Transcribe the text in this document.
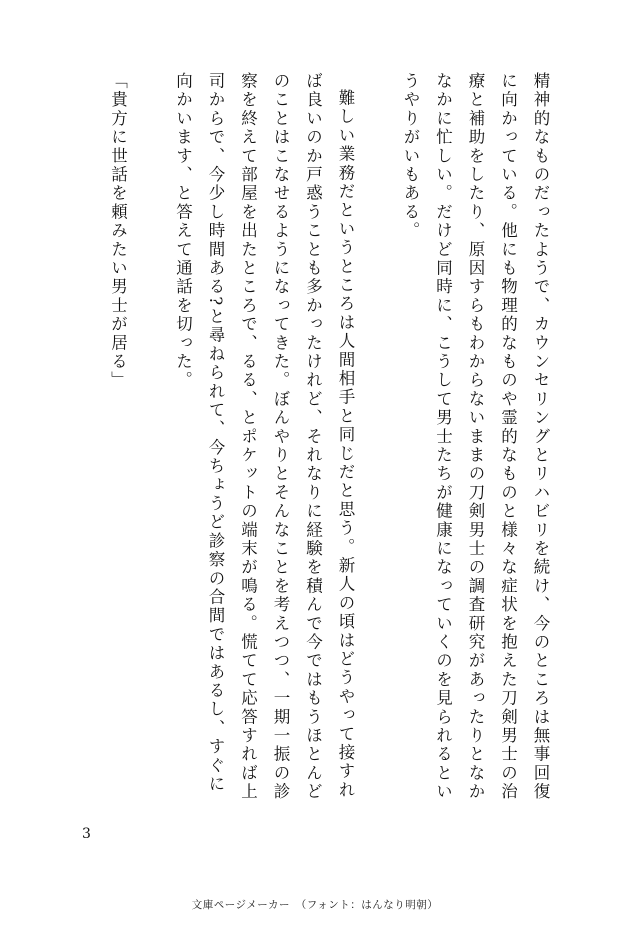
精神的なものだったようで、カウンセリングとリハビリを続け、今のところは無事回復に向かっている。他にも物理的なものや霊的なものと様々な症状を抱えた刀剣男士の治療と補助をしたり、原因すらもわからないままの刀剣男士の調査研究があったりとなかなかに忙しい。だけど同時に、こうして男士たちが健康になっていくのを見られるというやりがいもある。

難しい業務だというところは人間相手と同じだと思う。新人の頃はどうやって接すれば良いのか戸惑うことも多かったけれど、それなりに経験を積んで今ではもうほとんどのことはこなせるようになってきた。ぼんやりとそんなことを考えつつ、一期一振の診察を終えて部屋を出たところで、るる、とポケットの端末が鳴る。慌てて応答すれば上司からで、今少し時間ある?と尋ねられて、今ちょうど診察の合間ではあるし、すぐに向かいます、と答えて通話を切った。

「貴方に世話を頼みたい男士が居る」

3
文庫ページメーカー　（フォント：はんなり明朝）
